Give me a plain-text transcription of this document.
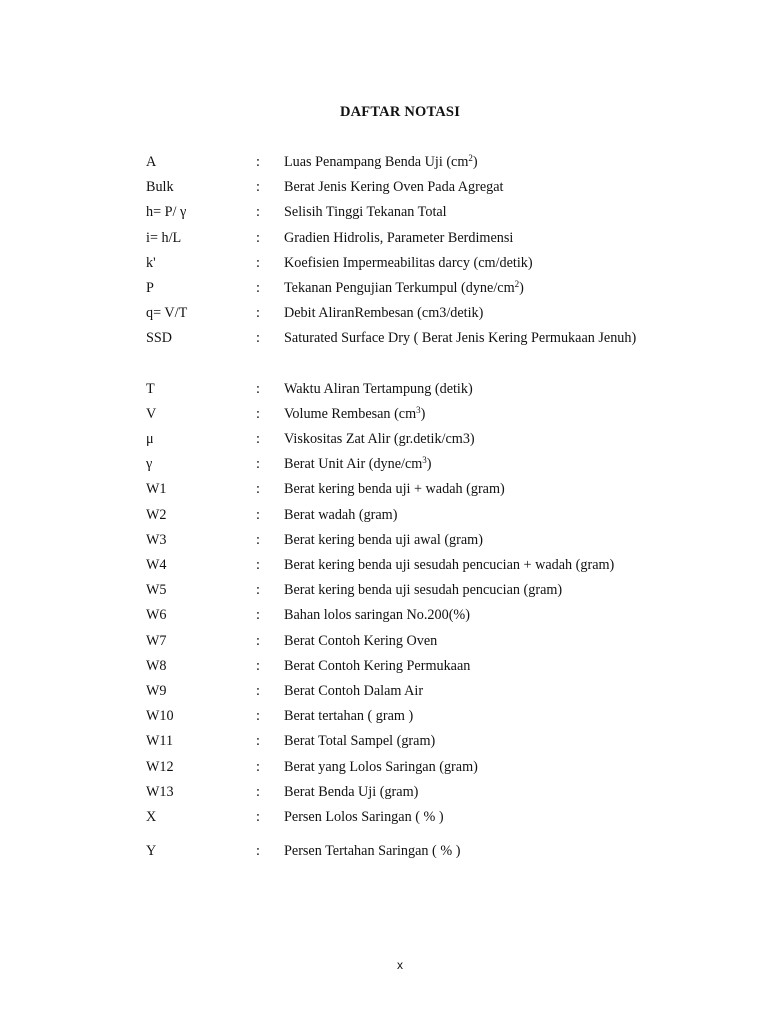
DAFTAR NOTASI
A	: Luas Penampang Benda Uji $(cm^2)$
Bulk	: Berat Jenis Kering Oven Pada Agregat
h= P/ γ	: Selisih Tinggi Tekanan Total
i= h/L	: Gradien Hidrolis, Parameter Berdimensi
k'	: Koefisien Impermeabilitas darcy (cm/detik)
P	: Tekanan Pengujian Terkumpul $(dyne/cm^2)$
q= V/T	: Debit AliranRembesan (cm3/detik)
SSD	: Saturated Surface Dry ( Berat Jenis Kering Permukaan Jenuh)
T	: Waktu Aliran Tertampung (detik)
V	: Volume Rembesan $(cm^3)$
μ	: Viskositas Zat Alir (gr.detik/cm3)
γ	: Berat Unit Air $(dyne/cm^3)$
W1	: Berat kering benda uji + wadah (gram)
W2	: Berat wadah (gram)
W3	: Berat kering benda uji awal (gram)
W4	: Berat kering benda uji sesudah pencucian + wadah (gram)
W5	: Berat kering benda uji sesudah pencucian (gram)
W6	: Bahan lolos saringan No.200(%)
W7	: Berat Contoh Kering Oven
W8	: Berat Contoh Kering Permukaan
W9	: Berat Contoh Dalam Air
W10	: Berat tertahan ( gram )
W11	: Berat Total Sampel (gram)
W12	: Berat yang Lolos Saringan (gram)
W13	: Berat Benda Uji (gram)
X	: Persen Lolos Saringan ( % )
Y	: Persen Tertahan Saringan ( % )
x
